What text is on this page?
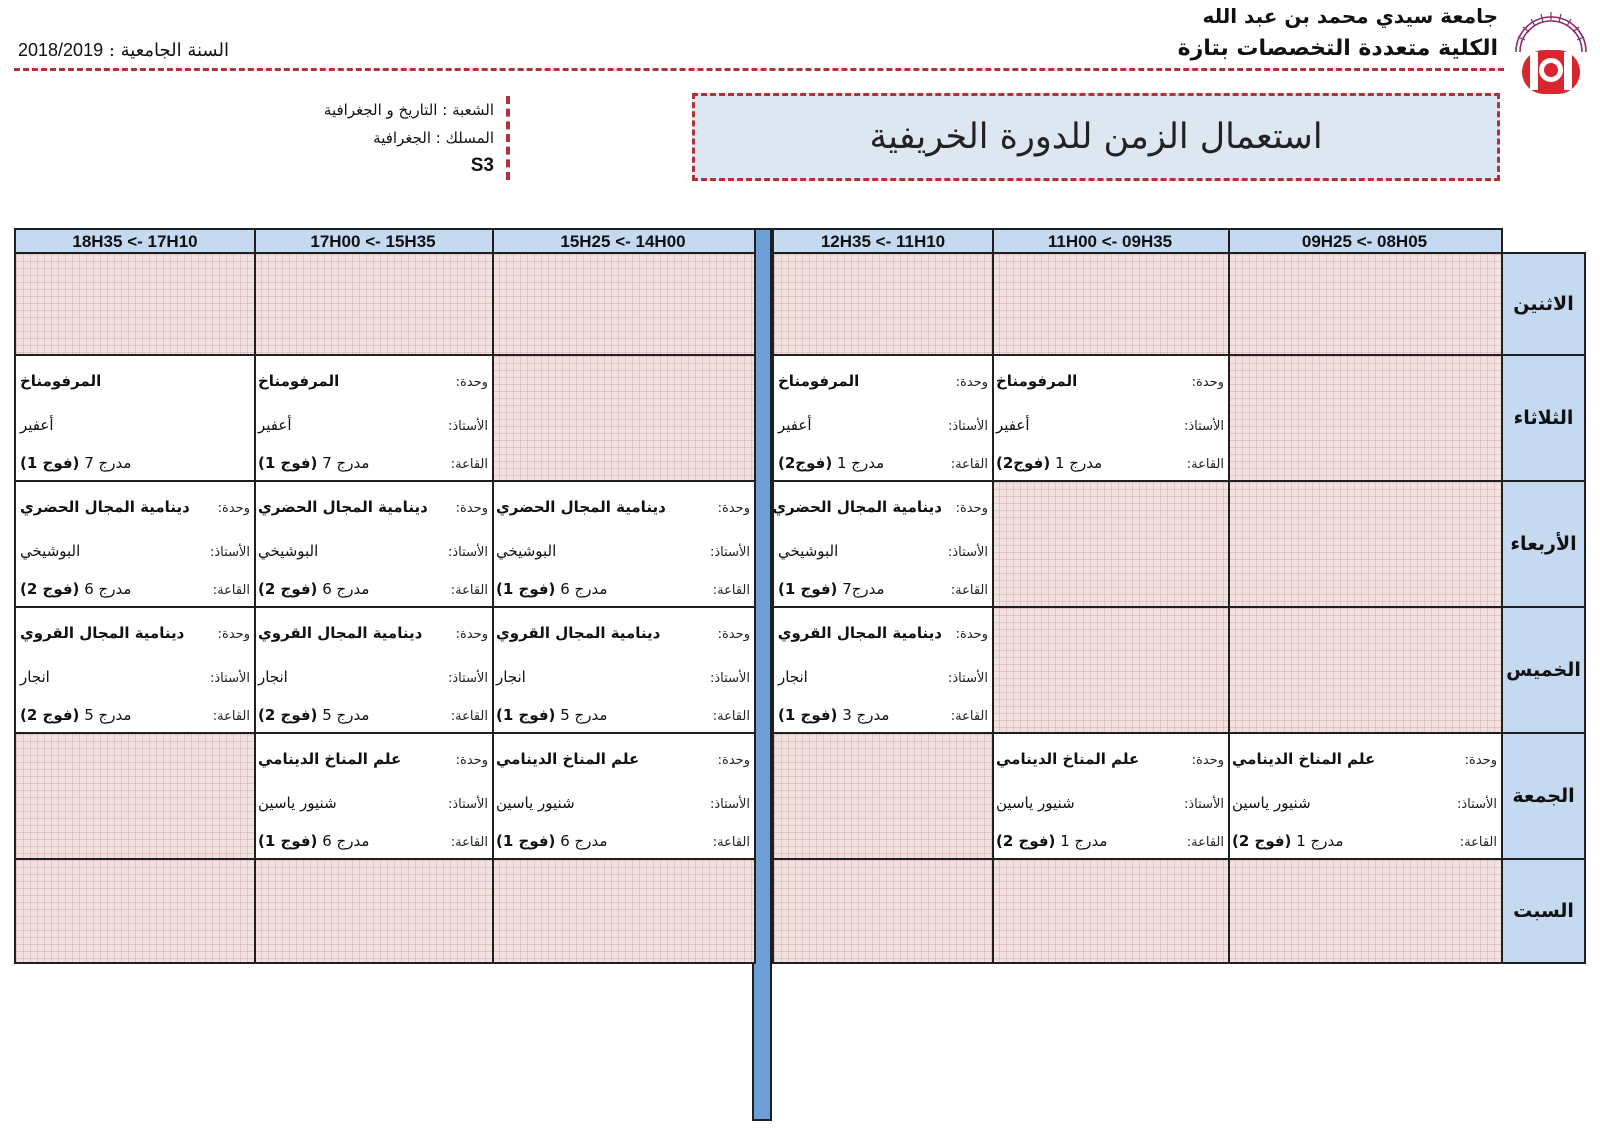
جامعة سيدي محمد بن عبد الله
الكلية متعددة التخصصات بتازة
السنة الجامعية : 2018/2019
استعمال الزمن للدورة الخريفية
الشعبة : التاريخ و الجغرافية
المسلك : الجغرافية
S3
09H25 <- 08H05
11H00 <- 09H35
12H35 <- 11H10
15H25 <- 14H00
17H00 <- 15H35
18H35 <- 17H10
الاثنين
الثلاثاء
وحدة:
المرفومناخ
الأستاذ:
أعفير
القاعة:
مدرج 1 (فوج2)
وحدة:
المرفومناخ
الأستاذ:
أعفير
القاعة:
مدرج 1 (فوج2)
وحدة:
المرفومناخ
الأستاذ:
أعفير
القاعة:
مدرج 7 (فوج 1)
المرفومناخ
أعفير
مدرج 7 (فوج 1)
الأربعاء
وحدة:
دينامية المجال الحضري
الأستاذ:
البوشيخي
القاعة:
مدرج7 (فوج 1)
وحدة:
دينامية المجال الحضري
الأستاذ:
البوشيخي
القاعة:
مدرج 6 (فوج 1)
وحدة:
دينامية المجال الحضري
الأستاذ:
البوشيخي
القاعة:
مدرج 6 (فوج 2)
وحدة:
دينامية المجال الحضري
الأستاذ:
البوشيخي
القاعة:
مدرج 6 (فوج 2)
الخميس
وحدة:
دينامية المجال القروي
الأستاذ:
انجار
القاعة:
مدرج 3 (فوج 1)
وحدة:
دينامية المجال القروي
الأستاذ:
انجار
القاعة:
مدرج 5 (فوج 1)
وحدة:
دينامية المجال القروي
الأستاذ:
انجار
القاعة:
مدرج 5 (فوج 2)
وحدة:
دينامية المجال القروي
الأستاذ:
انجار
القاعة:
مدرج 5 (فوج 2)
الجمعة
وحدة:
علم المناخ الدينامي
الأستاذ:
شنيور ياسين
القاعة:
مدرج 1 (فوج 2)
وحدة:
علم المناخ الدينامي
الأستاذ:
شنيور ياسين
القاعة:
مدرج 1 (فوج 2)
وحدة:
علم المناخ الدينامي
الأستاذ:
شنيور ياسين
القاعة:
مدرج 6 (فوج 1)
وحدة:
علم المناخ الدينامي
الأستاذ:
شنيور ياسين
القاعة:
مدرج 6 (فوج 1)
السبت
